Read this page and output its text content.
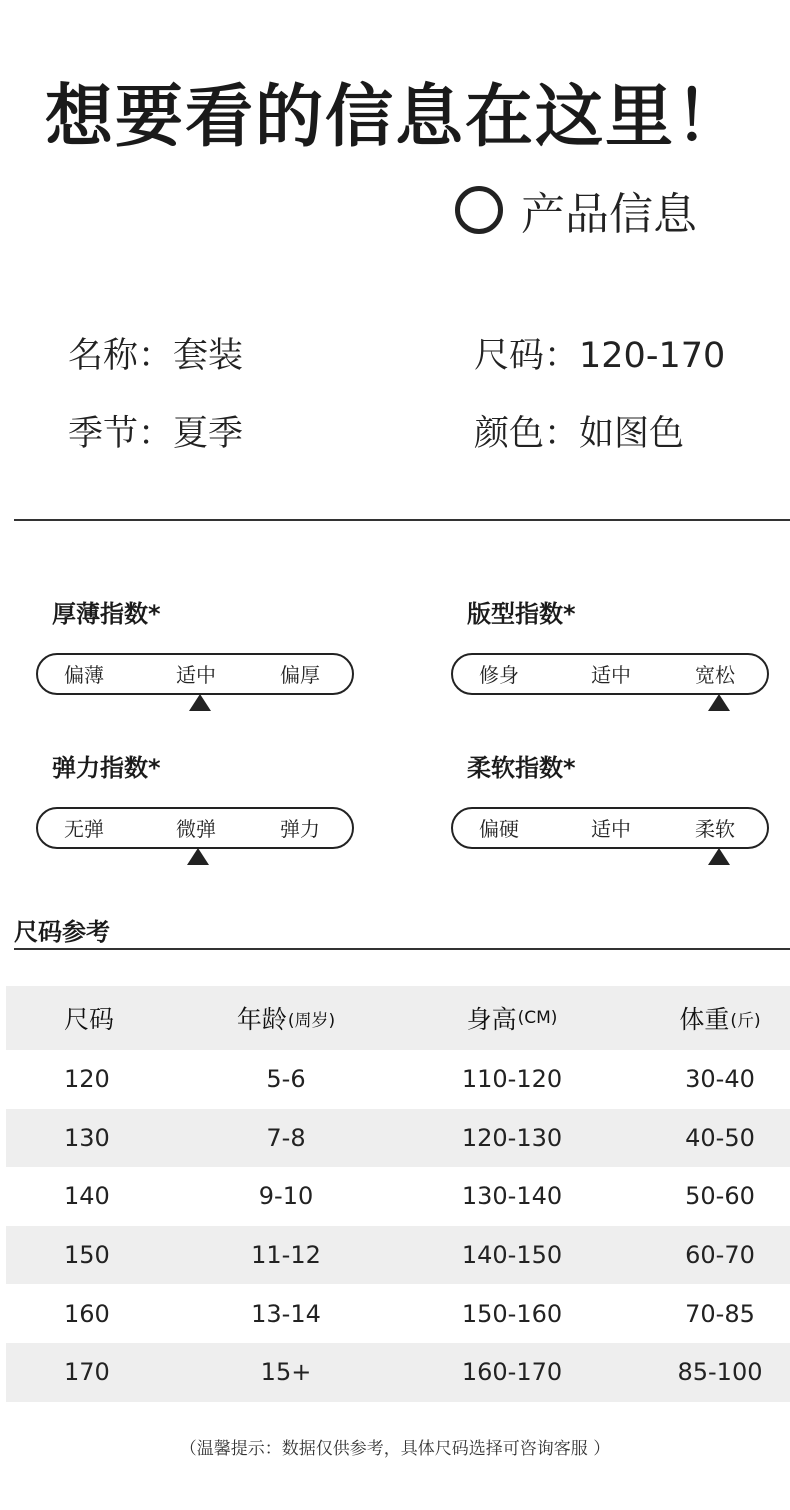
想要看的信息在这里！
产品信息
名称：套装	尺码：120-170
季节：夏季	颜色：如图色
厚薄指数*
偏薄	适中	偏厚
版型指数*
修身	适中	宽松
弹力指数*
无弹	微弹	弹力
柔软指数*
偏硬	适中	柔软
尺码参考
尺码	年龄 (周岁)	身高 (CM)	体重 (斤)
120	5-6	110-120	30-40
130	7-8	120-130	40-50
140	9-10	130-140	50-60
150	11-12	140-150	60-70
160	13-14	150-160	70-85
170	15+	160-170	85-100
（温馨提示：数据仅供参考，具体尺码选择可咨询客服 ）
